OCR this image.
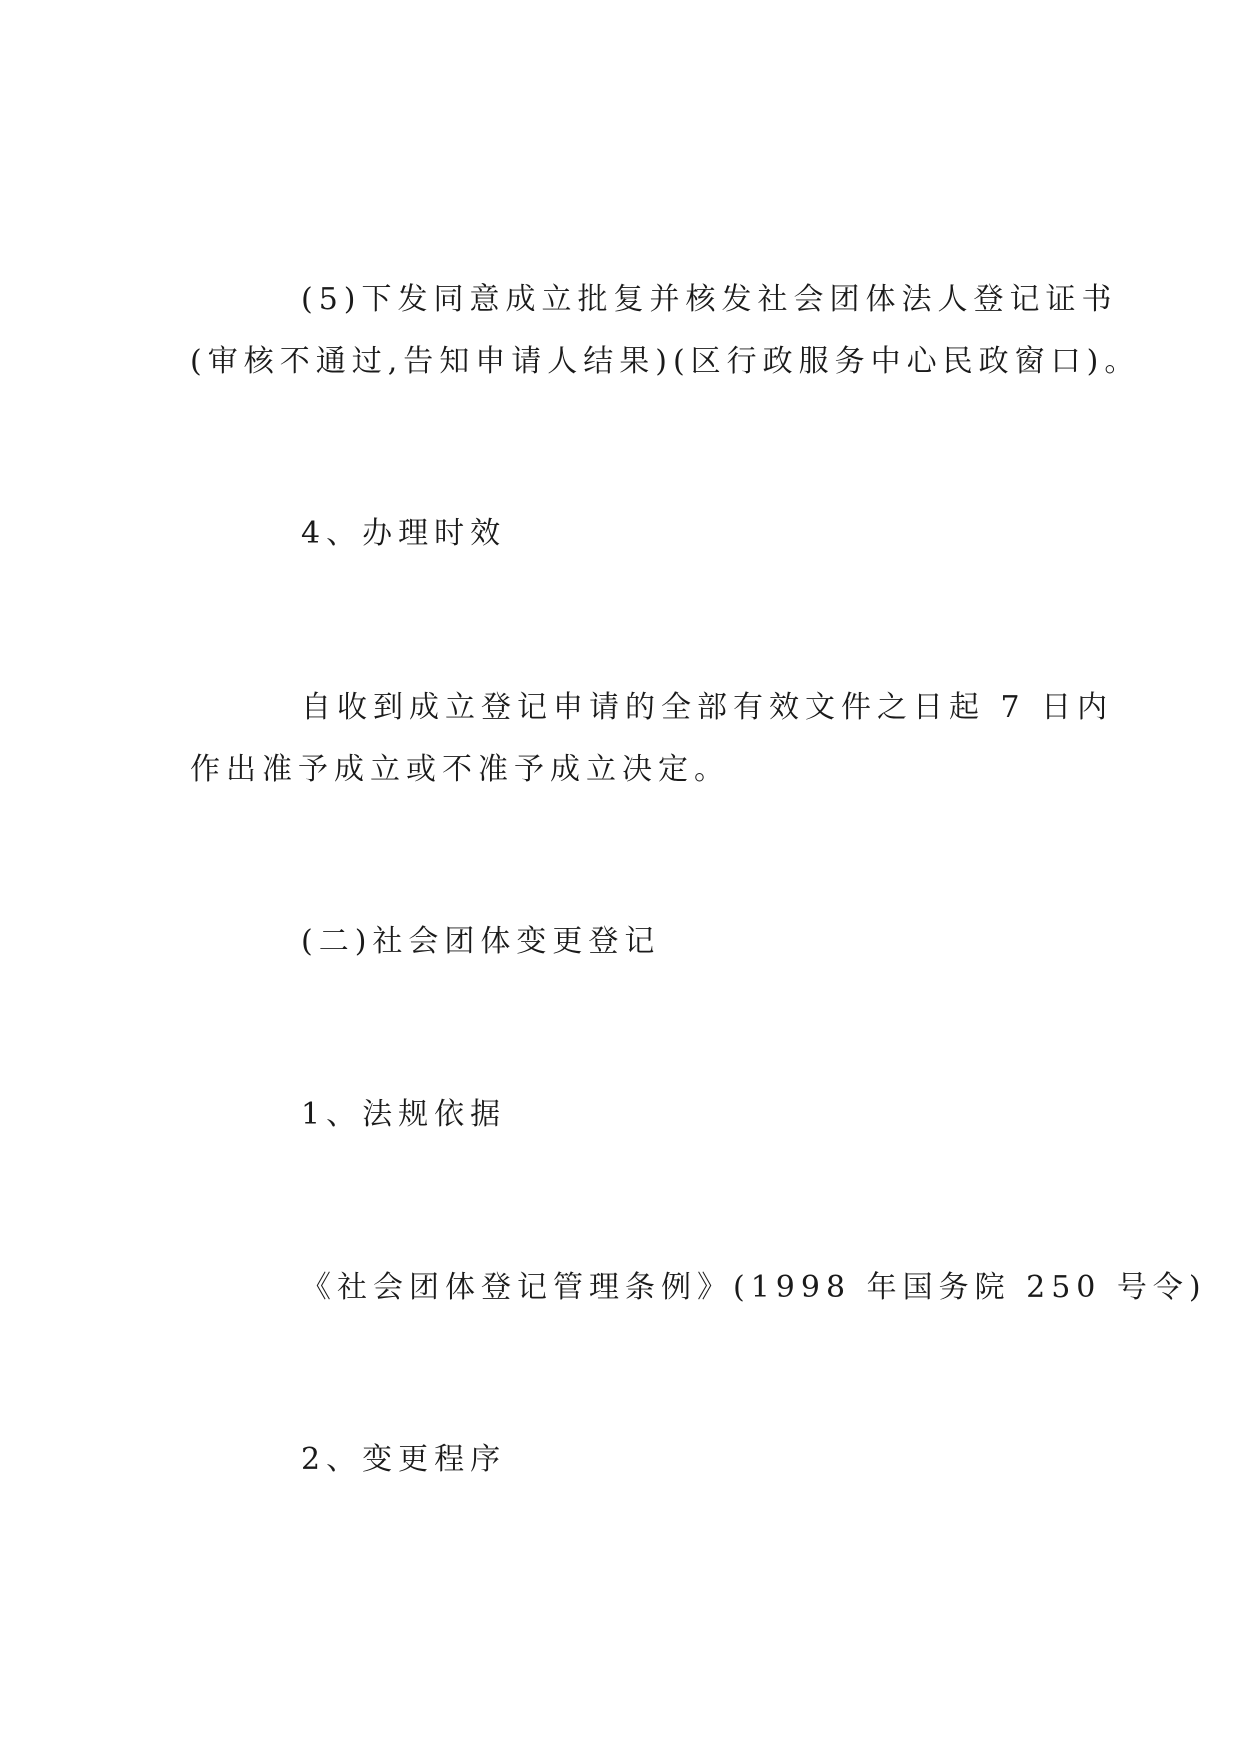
(5)下发同意成立批复并核发社会团体法人登记证书
(审核不通过,告知申请人结果)(区行政服务中心民政窗口)。
4、办理时效
自收到成立登记申请的全部有效文件之日起 7 日内
作出准予成立或不准予成立决定。
(二)社会团体变更登记
1、法规依据
《社会团体登记管理条例》(1998 年国务院 250 号令)
2、变更程序
